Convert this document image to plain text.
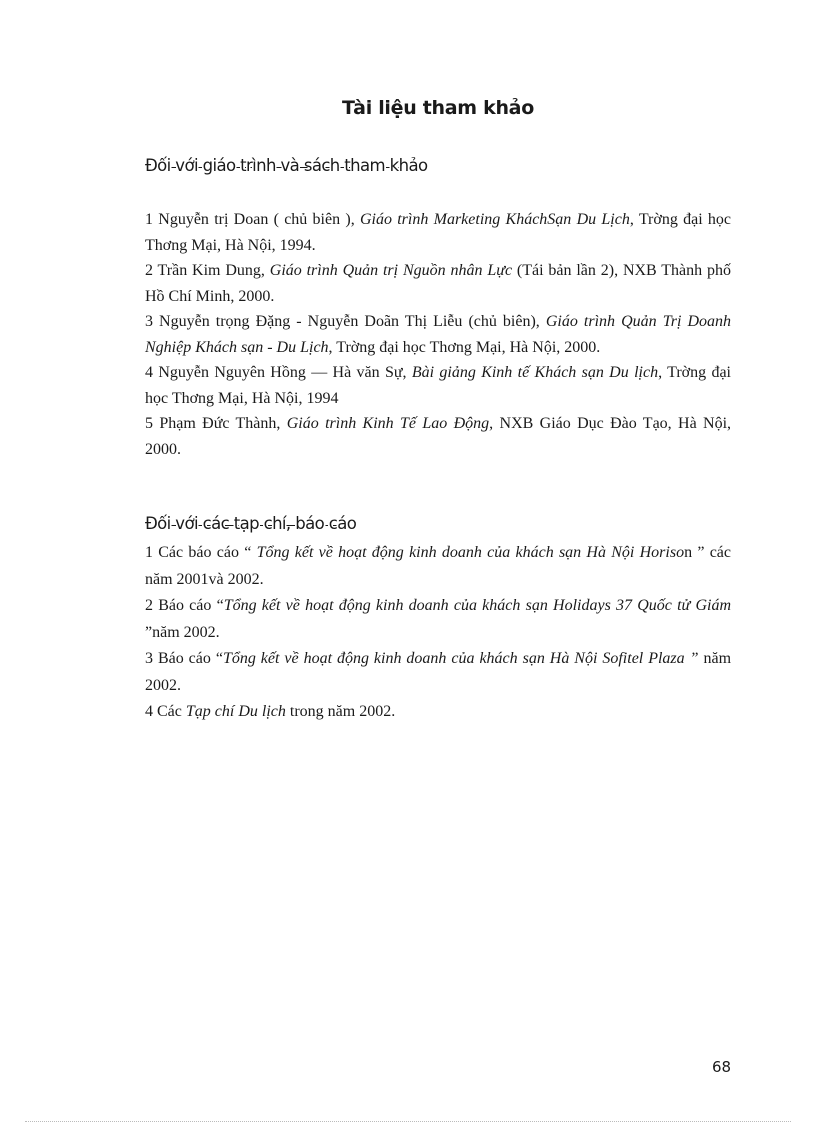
Tài liệu tham khảo
Đối với giáo trình và sách tham khảo
1 Nguyễn trị Doan ( chủ biên ), Giáo trình Marketing KháchSạn Du Lịch, Trờng đại học Thơng Mại, Hà Nội, 1994.
2 Trần Kim Dung, Giáo trình Quản trị Nguồn nhân Lực (Tái bản lần 2), NXB Thành phố Hồ Chí Minh, 2000.
3 Nguyễn trọng Đặng - Nguyễn Doãn Thị Liễu (chủ biên), Giáo trình Quản Trị Doanh Nghiệp Khách sạn - Du Lịch, Trờng đại học Thơng Mại, Hà Nội, 2000.
4 Nguyễn Nguyên Hồng — Hà văn Sự, Bài giảng Kinh tế Khách sạn Du lịch, Trờng đại học Thơng Mại, Hà Nội, 1994
5 Phạm Đức Thành, Giáo trình Kinh Tế Lao Động, NXB Giáo Dục Đào Tạo, Hà Nội, 2000.
Đối với các tạp chí, báo cáo
1 Các báo cáo “ Tổng kết về hoạt động kinh doanh của khách sạn Hà Nội Horison ” các năm 2001và 2002.
2 Báo cáo “Tổng kết về hoạt động kinh doanh của khách sạn Holidays 37 Quốc tử Giám ”năm 2002.
3 Báo cáo “Tổng kết về hoạt động kinh doanh của khách sạn Hà Nội Sofitel Plaza ” năm 2002.
4 Các Tạp chí Du lịch trong năm 2002.
68
